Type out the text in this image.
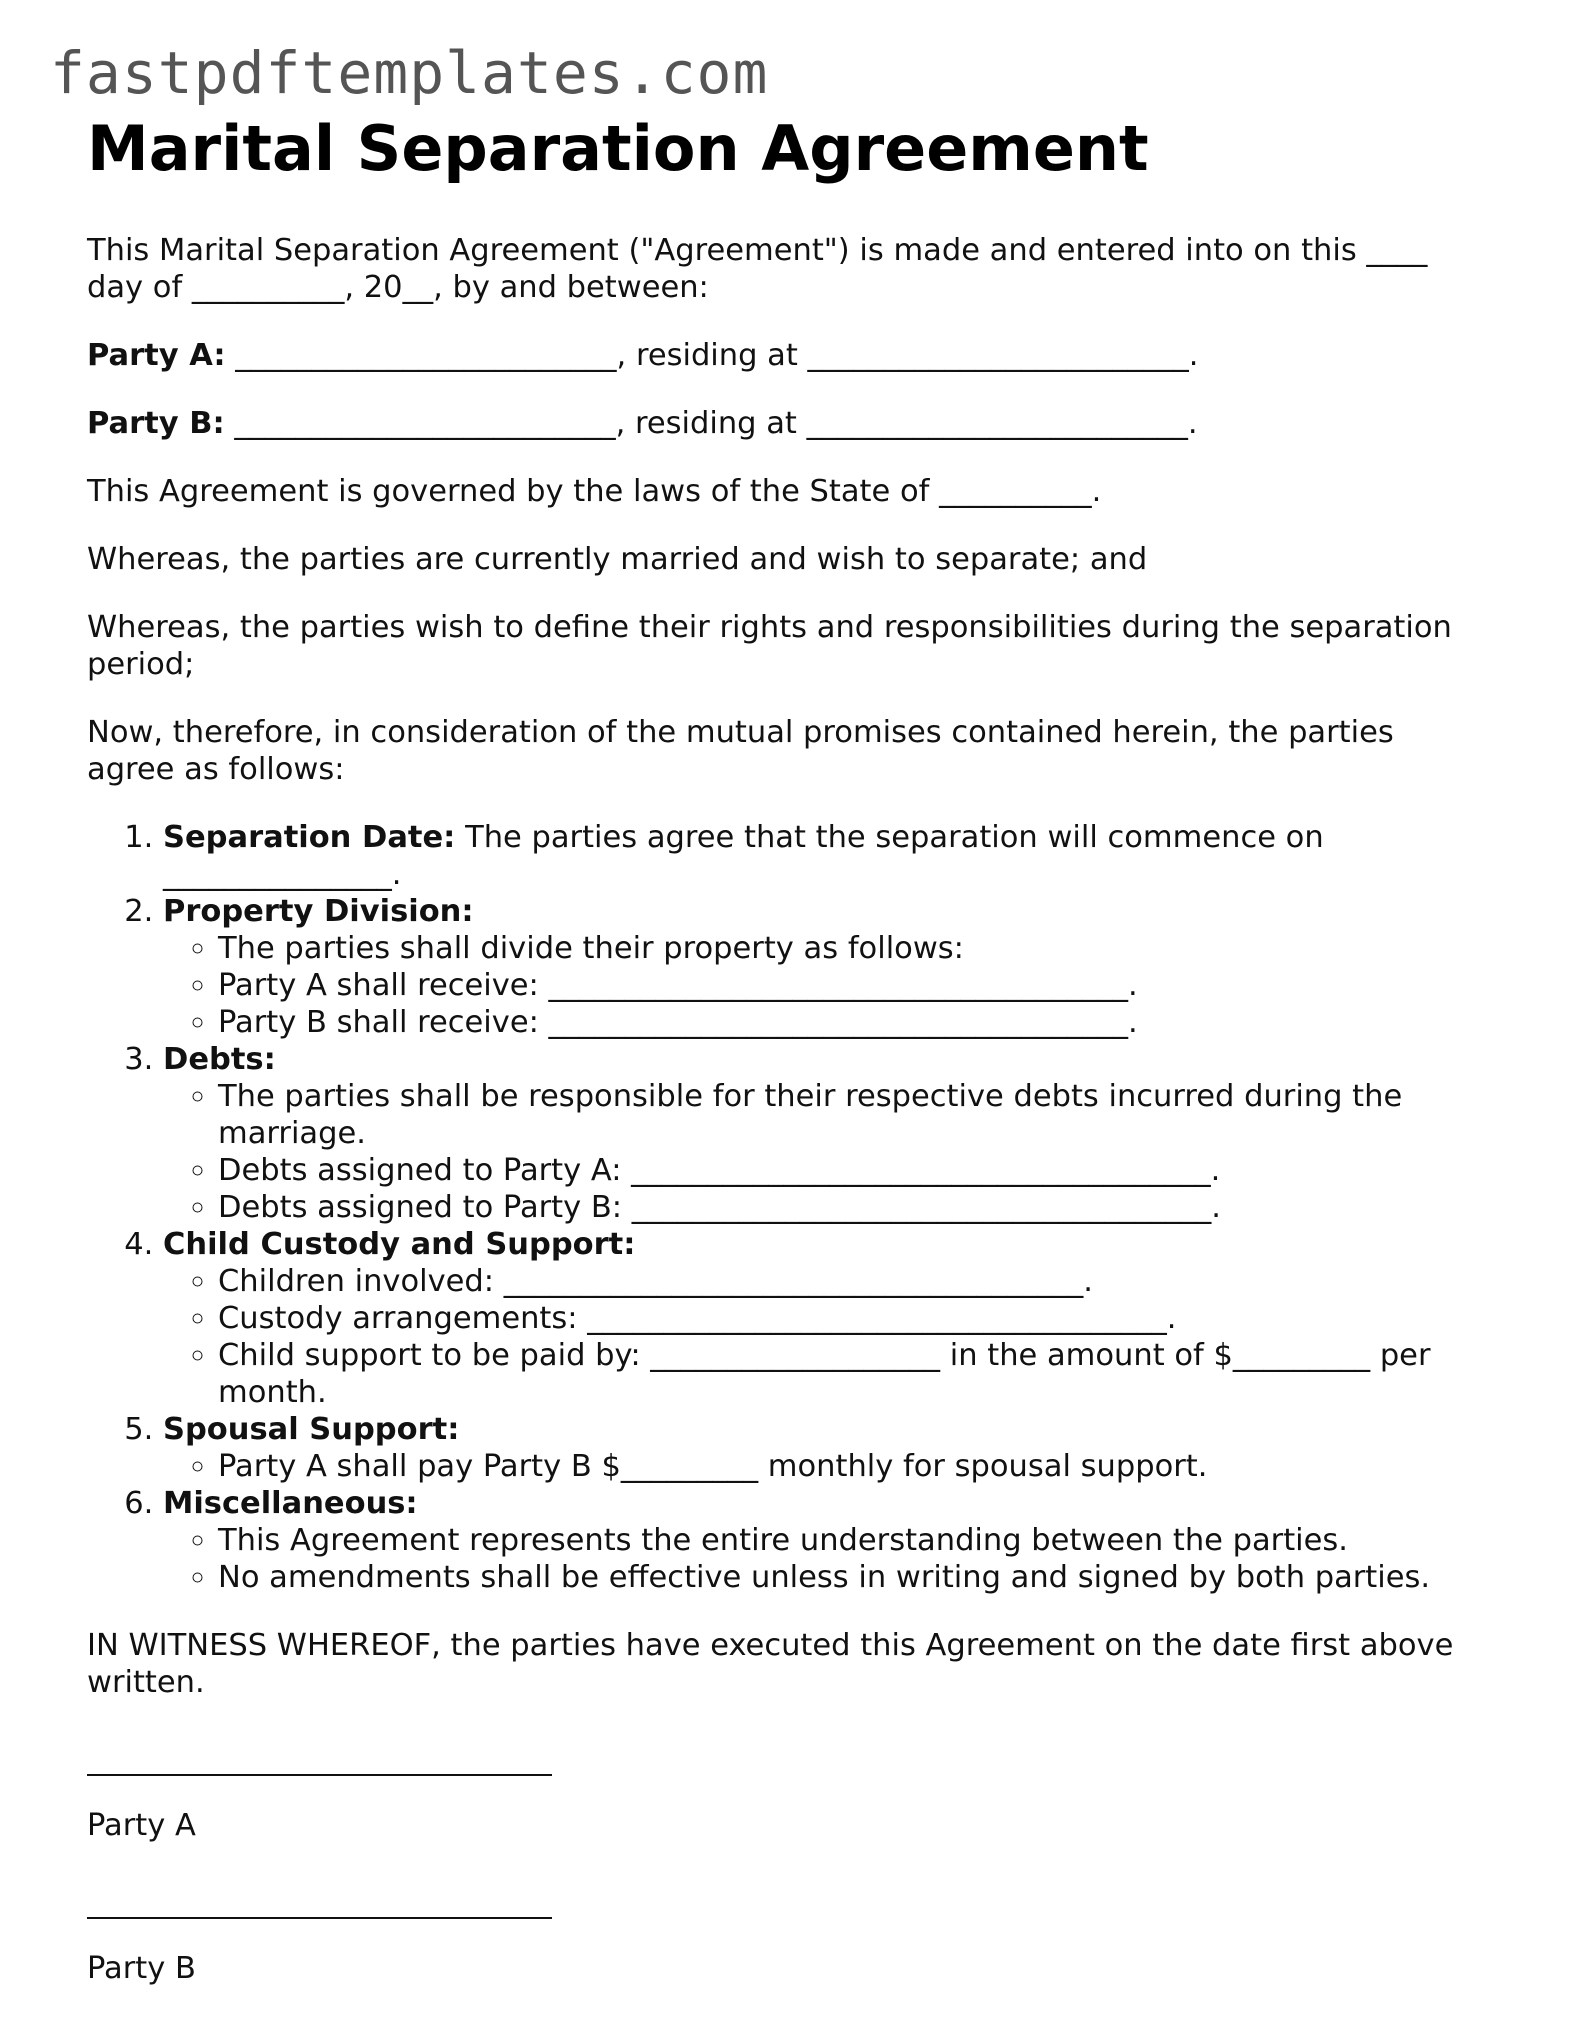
fastpdftemplates.com
Marital Separation Agreement

This Marital Separation Agreement ("Agreement") is made and entered into on this ____ day of __________, 20__, by and between:

Party A: _________________________, residing at _________________________.

Party B: _________________________, residing at _________________________.

This Agreement is governed by the laws of the State of __________.

Whereas, the parties are currently married and wish to separate; and

Whereas, the parties wish to define their rights and responsibilities during the separation period;

Now, therefore, in consideration of the mutual promises contained herein, the parties agree as follows:

1. Separation Date: The parties agree that the separation will commence on _______________.
2. Property Division:
◦ The parties shall divide their property as follows:
◦ Party A shall receive: ______________________________________.
◦ Party B shall receive: ______________________________________.
3. Debts:
◦ The parties shall be responsible for their respective debts incurred during the marriage.
◦ Debts assigned to Party A: ______________________________________.
◦ Debts assigned to Party B: ______________________________________.
4. Child Custody and Support:
◦ Children involved: ______________________________________.
◦ Custody arrangements: ______________________________________.
◦ Child support to be paid by: ___________________ in the amount of $_________ per month.
5. Spousal Support:
◦ Party A shall pay Party B $_________ monthly for spousal support.
6. Miscellaneous:
◦ This Agreement represents the entire understanding between the parties.
◦ No amendments shall be effective unless in writing and signed by both parties.

IN WITNESS WHEREOF, the parties have executed this Agreement on the date first above written.

Party A
Party B
